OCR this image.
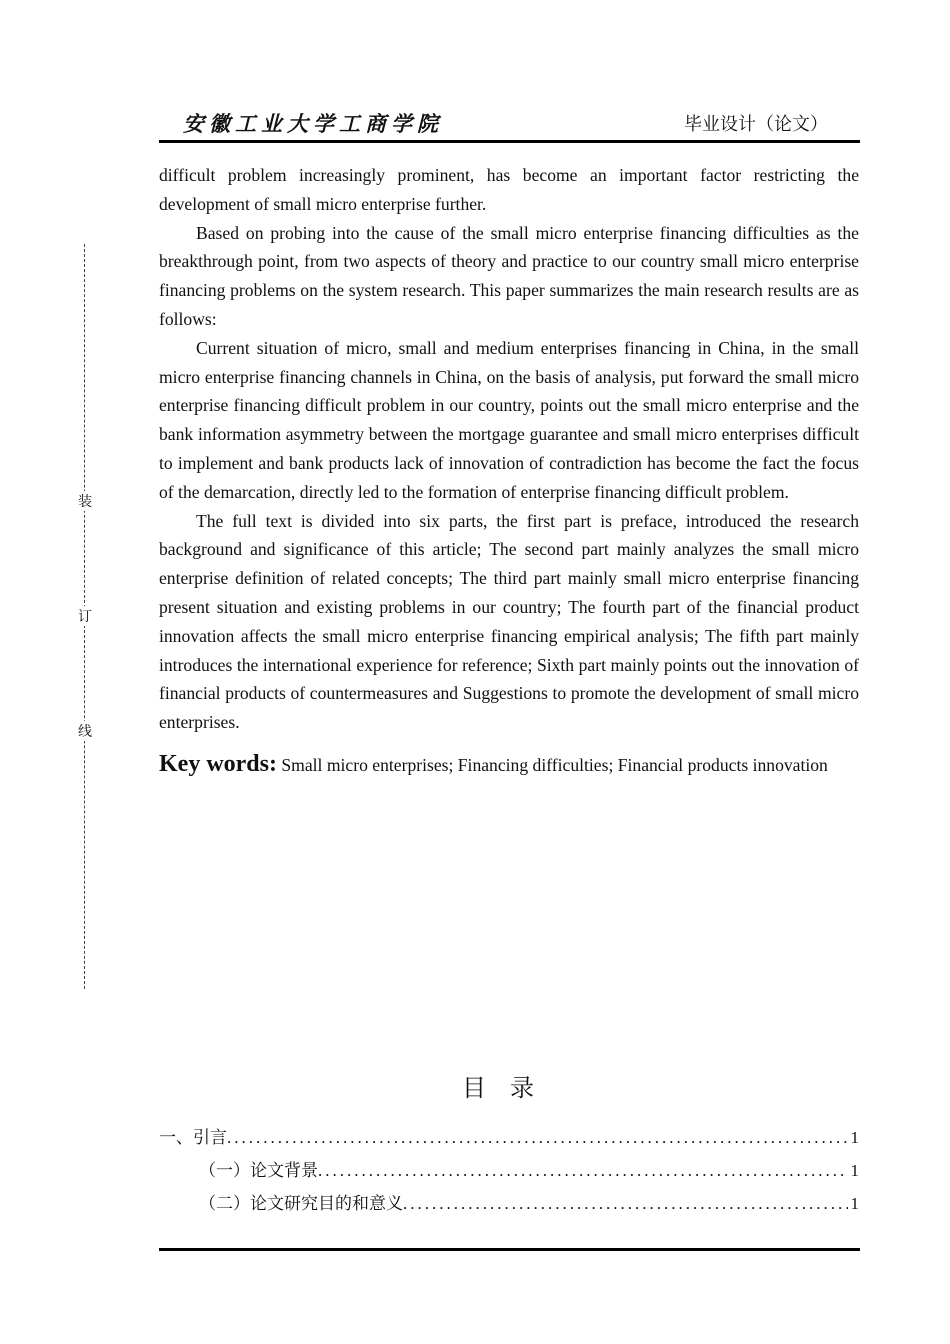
安徽工业大学工商学院	毕业设计（论文）
装
订
线

difficult problem increasingly prominent, has become an important factor restricting the development of small micro enterprise further.

Based on probing into the cause of the small micro enterprise financing difficulties as the breakthrough point, from two aspects of theory and practice to our country small micro enterprise financing problems on the system research. This paper summarizes the main research results are as follows:

Current situation of micro, small and medium enterprises financing in China, in the small micro enterprise financing channels in China, on the basis of analysis, put forward the small micro enterprise financing difficult problem in our country, points out the small micro enterprise and the bank information asymmetry between the mortgage guarantee and small micro enterprises difficult to implement and bank products lack of innovation of contradiction has become the fact the focus of the demarcation, directly led to the formation of enterprise financing difficult problem.

The full text is divided into six parts, the first part is preface, introduced the research background and significance of this article; The second part mainly analyzes the small micro enterprise definition of related concepts; The third part mainly small micro enterprise financing present situation and existing problems in our country; The fourth part of the financial product innovation affects the small micro enterprise financing empirical analysis; The fifth part mainly introduces the international experience for reference; Sixth part mainly points out the innovation of financial products of countermeasures and Suggestions to promote the development of small micro enterprises.

Key words: Small micro enterprises; Financing difficulties; Financial products innovation

目录
一、引言 .....	1
（一）论文背景 .....	1
（二）论文研究目的和意义 .....	1
